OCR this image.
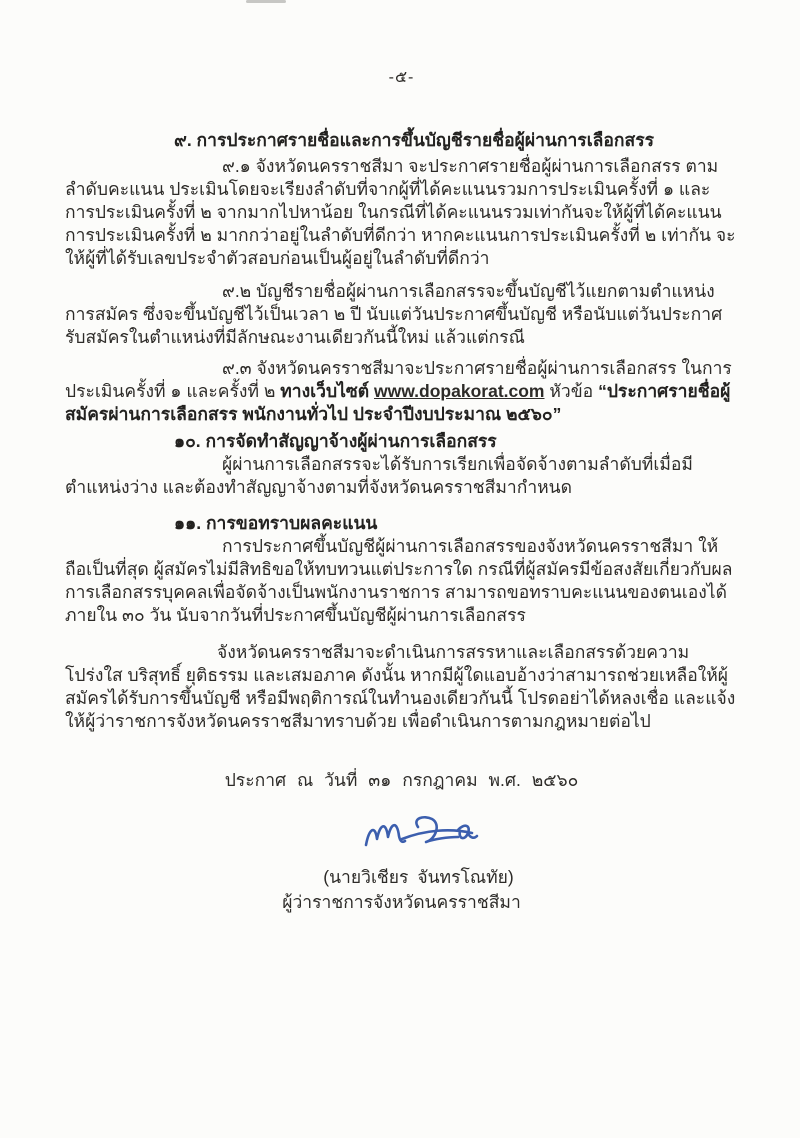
-๕-

๙. การประกาศรายชื่อและการขึ้นบัญชีรายชื่อผู้ผ่านการเลือกสรร

๙.๑ จังหวัดนครราชสีมา จะประกาศรายชื่อผู้ผ่านการเลือกสรร ตามลำดับคะแนน ประเมินโดยจะเรียงลำดับที่จากผู้ที่ได้คะแนนรวมการประเมินครั้งที่ ๑ และการประเมินครั้งที่ ๒ จากมากไปหาน้อย ในกรณีที่ได้คะแนนรวมเท่ากันจะให้ผู้ที่ได้คะแนนการประเมินครั้งที่ ๒ มากกว่าอยู่ในลำดับที่ดีกว่า หากคะแนนการประเมินครั้งที่ ๒ เท่ากัน จะให้ผู้ที่ได้รับเลขประจำตัวสอบก่อนเป็นผู้อยู่ในลำดับที่ดีกว่า

๙.๒ บัญชีรายชื่อผู้ผ่านการเลือกสรรจะขึ้นบัญชีไว้แยกตามตำแหน่งการสมัคร ซึ่งจะขึ้นบัญชีไว้เป็นเวลา ๒ ปี นับแต่วันประกาศขึ้นบัญชี หรือนับแต่วันประกาศรับสมัครในตำแหน่งที่มีลักษณะงานเดียวกันนี้ใหม่ แล้วแต่กรณี

๙.๓ จังหวัดนครราชสีมาจะประกาศรายชื่อผู้ผ่านการเลือกสรร ในการประเมินครั้งที่ ๑ และครั้งที่ ๒ ทางเว็บไซต์ www.dopakorat.com หัวข้อ “ประกาศรายชื่อผู้สมัครผ่านการเลือกสรร พนักงานทั่วไป ประจำปีงบประมาณ ๒๕๖๐”

๑๐. การจัดทำสัญญาจ้างผู้ผ่านการเลือกสรร

ผู้ผ่านการเลือกสรรจะได้รับการเรียกเพื่อจัดจ้างตามลำดับที่เมื่อมีตำแหน่งว่าง และต้องทำสัญญาจ้างตามที่จังหวัดนครราชสีมากำหนด

๑๑. การขอทราบผลคะแนน

การประกาศขึ้นบัญชีผู้ผ่านการเลือกสรรของจังหวัดนครราชสีมา ให้ถือเป็นที่สุด ผู้สมัครไม่มีสิทธิขอให้ทบทวนแต่ประการใด กรณีที่ผู้สมัครมีข้อสงสัยเกี่ยวกับผลการเลือกสรรบุคคลเพื่อจัดจ้างเป็นพนักงานราชการ สามารถขอทราบคะแนนของตนเองได้ ภายใน ๓๐ วัน นับจากวันที่ประกาศขึ้นบัญชีผู้ผ่านการเลือกสรร

จังหวัดนครราชสีมาจะดำเนินการสรรหาและเลือกสรรด้วยความโปร่งใส บริสุทธิ์ ยุติธรรม และเสมอภาค ดังนั้น หากมีผู้ใดแอบอ้างว่าสามารถช่วยเหลือให้ผู้สมัครได้รับการขึ้นบัญชี หรือมีพฤติการณ์ในทำนองเดียวกันนี้ โปรดอย่าได้หลงเชื่อ และแจ้งให้ผู้ว่าราชการจังหวัดนครราชสีมาทราบด้วย เพื่อดำเนินการตามกฎหมายต่อไป

ประกาศ ณ วันที่ ๓๑ กรกฎาคม พ.ศ. ๒๕๖๐

(นายวิเชียร จันทรโณทัย)

ผู้ว่าราชการจังหวัดนครราชสีมา
